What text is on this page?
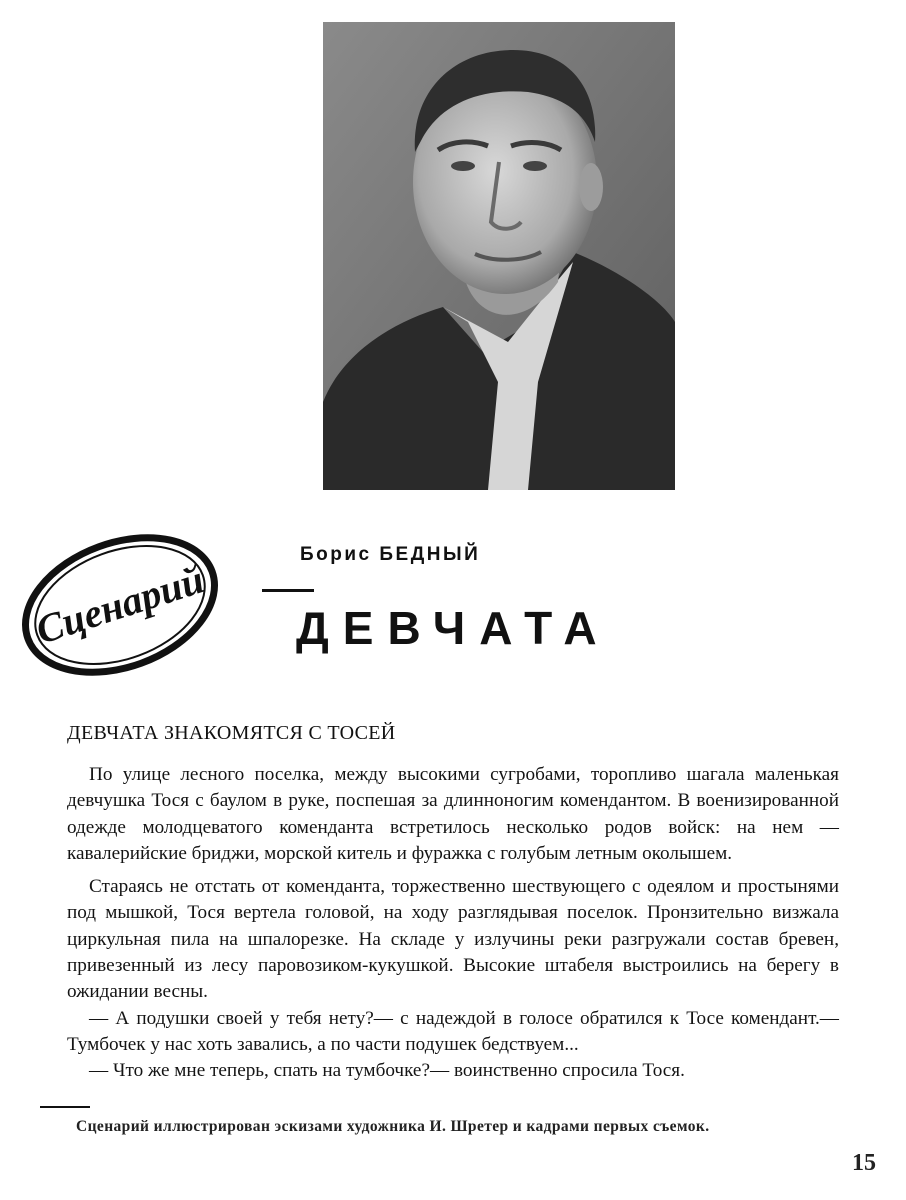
Сценарий
Борис БЕДНЫЙ
ДЕВЧАТА
ДЕВЧАТА ЗНАКОМЯТСЯ С ТОСЕЙ

По улице лесного поселка, между высокими сугробами, торопливо шагала маленькая девчушка Тося с баулом в руке, поспешая за длинноногим комендантом. В военизированной одежде молодцеватого коменданта встретилось несколько родов войск: на нем — кавалерийские бриджи, морской китель и фуражка с голубым летным околышем.

Стараясь не отстать от коменданта, торжественно шествующего с одеялом и простынями под мышкой, Тося вертела головой, на ходу разглядывая поселок. Пронзительно визжала циркульная пила на шпалорезке. На складе у излучины реки разгружали состав бревен, привезенный из лесу паровозиком-кукушкой. Высокие штабеля выстроились на берегу в ожидании весны.

— А подушки своей у тебя нету?— с надеждой в голосе обратился к Тосе комендант.— Тумбочек у нас хоть завались, а по части подушек бедствуем...

— Что же мне теперь, спать на тумбочке?— воинственно спросила Тося.

Сценарий иллюстрирован эскизами художника И. Шретер и кадрами первых съемок.
15
